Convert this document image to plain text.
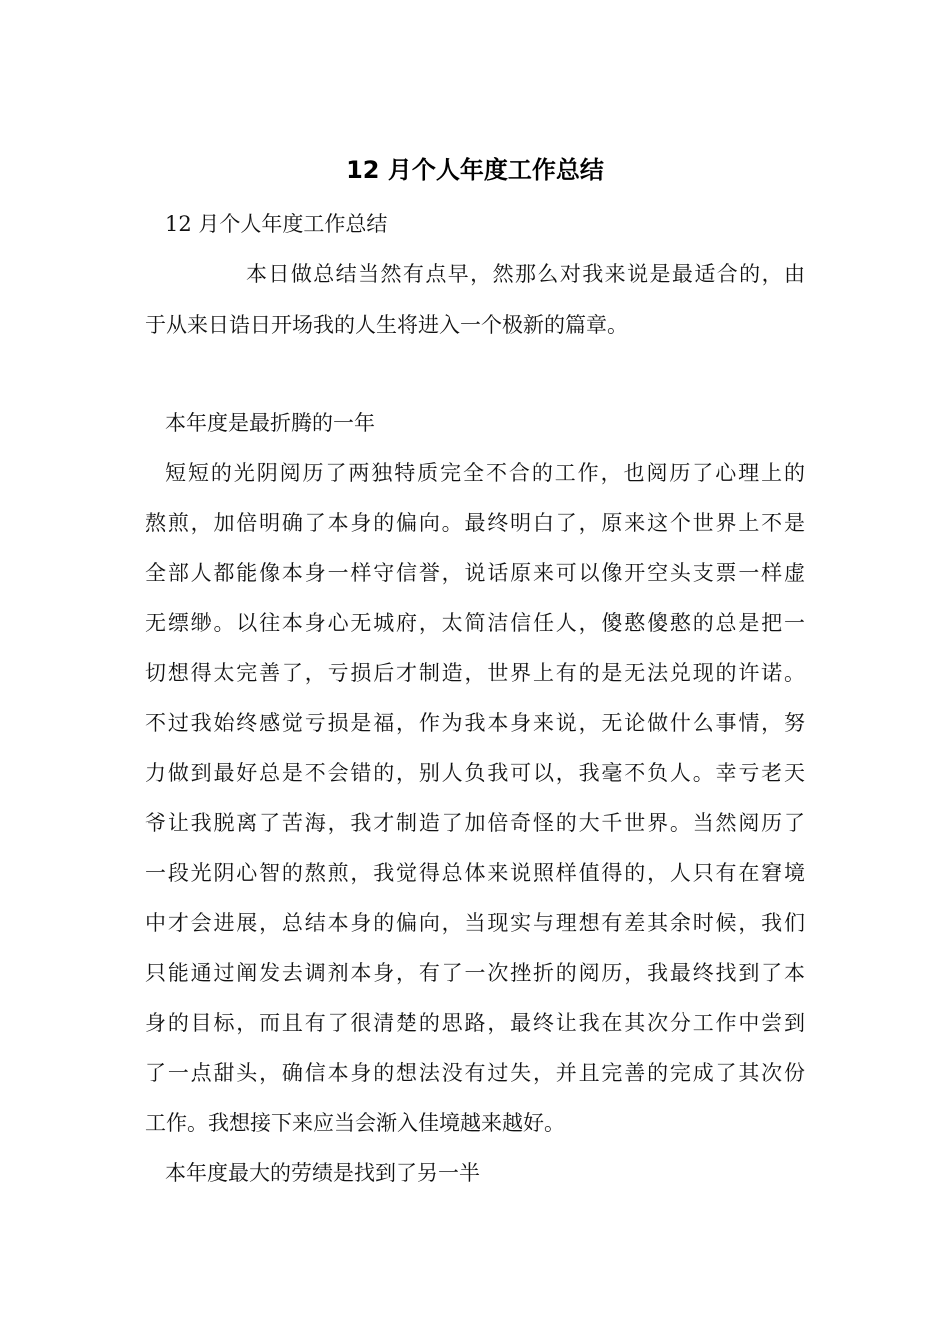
12 月个人年度工作总结
12 月个人年度工作总结
本日做总结当然有点早，然那么对我来说是最适合的，由
于从来日诰日开场我的人生将进入一个极新的篇章。
本年度是最折腾的一年
短短的光阴阅历了两独特质完全不合的工作，也阅历了心理上的
熬煎，加倍明确了本身的偏向。最终明白了，原来这个世界上不是
全部人都能像本身一样守信誉，说话原来可以像开空头支票一样虚
无缥缈。以往本身心无城府，太简洁信任人，傻憨傻憨的总是把一
切想得太完善了，亏损后才制造，世界上有的是无法兑现的许诺。
不过我始终感觉亏损是福，作为我本身来说，无论做什么事情，努
力做到最好总是不会错的，别人负我可以，我毫不负人。幸亏老天
爷让我脱离了苦海，我才制造了加倍奇怪的大千世界。当然阅历了
一段光阴心智的熬煎，我觉得总体来说照样值得的，人只有在窘境
中才会进展，总结本身的偏向，当现实与理想有差其余时候，我们
只能通过阐发去调剂本身，有了一次挫折的阅历，我最终找到了本
身的目标，而且有了很清楚的思路，最终让我在其次分工作中尝到
了一点甜头，确信本身的想法没有过失，并且完善的完成了其次份
工作。我想接下来应当会渐入佳境越来越好。
本年度最大的劳绩是找到了另一半
